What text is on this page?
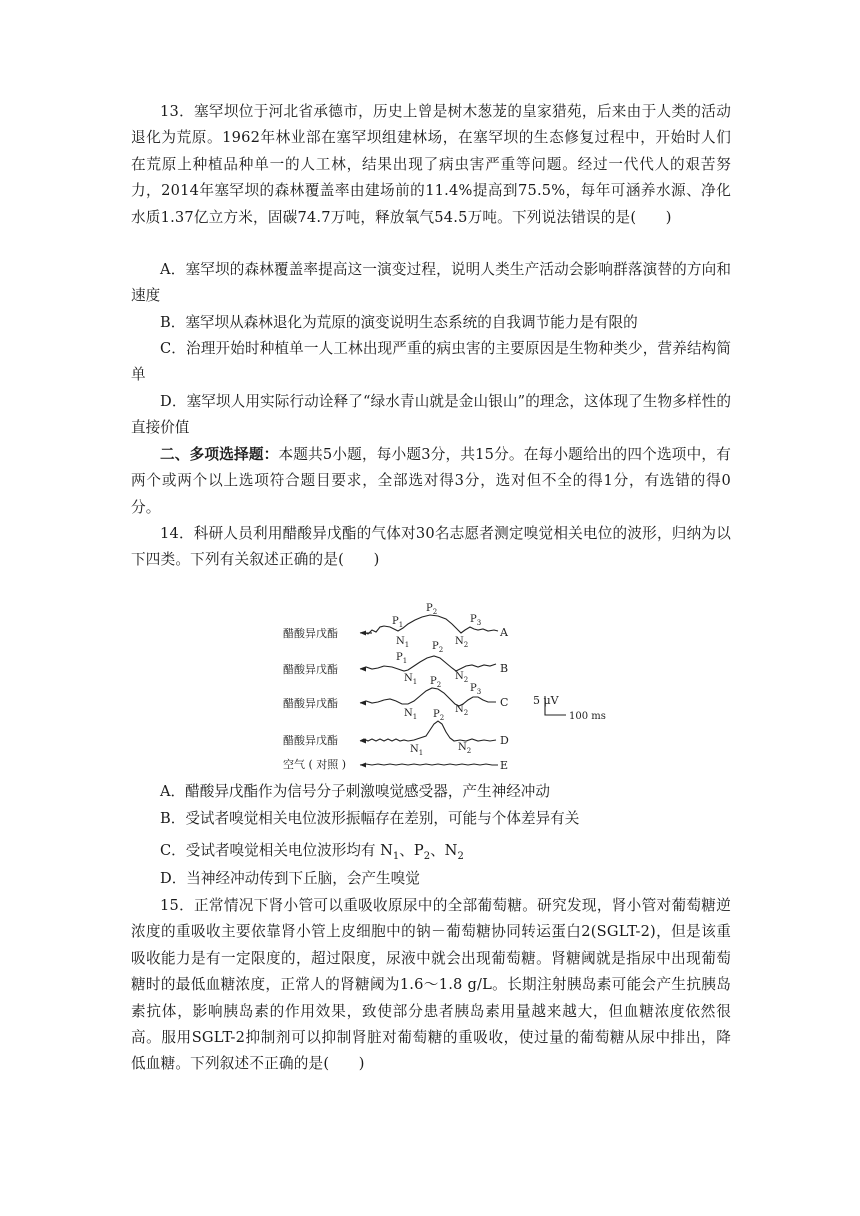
13．塞罕坝位于河北省承德市，历史上曾是树木葱茏的皇家猎苑，后来由于人类的活动退化为荒原。1962年林业部在塞罕坝组建林场，在塞罕坝的生态修复过程中，开始时人们在荒原上种植品种单一的人工林，结果出现了病虫害严重等问题。经过一代代人的艰苦努力，2014年塞罕坝的森林覆盖率由建场前的11.4%提高到75.5%，每年可涵养水源、净化水质1.37亿立方米，固碳74.7万吨，释放氧气54.5万吨。下列说法错误的是(　　)
A．塞罕坝的森林覆盖率提高这一演变过程，说明人类生产活动会影响群落演替的方向和速度
B．塞罕坝从森林退化为荒原的演变说明生态系统的自我调节能力是有限的
C．治理开始时种植单一人工林出现严重的病虫害的主要原因是生物种类少，营养结构简单
D．塞罕坝人用实际行动诠释了“绿水青山就是金山银山”的理念，这体现了生物多样性的直接价值
二、多项选择题：本题共5小题，每小题3分，共15分。在每小题给出的四个选项中，有两个或两个以上选项符合题目要求，全部选对得3分，选对但不全的得1分，有选错的得0分。
14．科研人员利用醋酸异戊酯的气体对30名志愿者测定嗅觉相关电位的波形，归纳为以下四类。下列有关叙述正确的是(　　)
醋酸异戊酯
醋酸异戊酯
醋酸异戊酯
醋酸异戊酯
空气 ( 对照 )
A
B
C
D
E
5 μV
100 ms
$P_1$
$P_2$
$P_3$
$N_1$	$N_2$
$P_1$
$P_2$
$N_1$	$N_2$
$P_2$	$P_3$
$N_1$
$N_2$
$P_2$
$N_1$	$N_2$
A．醋酸异戊酯作为信号分子刺激嗅觉感受器，产生神经冲动
B．受试者嗅觉相关电位波形振幅存在差别，可能与个体差异有关
C．受试者嗅觉相关电位波形均有 $N_1$、$P_2$、$N_2$
D．当神经冲动传到下丘脑，会产生嗅觉
15．正常情况下肾小管可以重吸收原尿中的全部葡萄糖。研究发现，肾小管对葡萄糖逆浓度的重吸收主要依靠肾小管上皮细胞中的钠－葡萄糖协同转运蛋白2(SGLT-2)，但是该重吸收能力是有一定限度的，超过限度，尿液中就会出现葡萄糖。肾糖阈就是指尿中出现葡萄糖时的最低血糖浓度，正常人的肾糖阈为1.6～1.8 g/L。长期注射胰岛素可能会产生抗胰岛素抗体，影响胰岛素的作用效果，致使部分患者胰岛素用量越来越大，但血糖浓度依然很高。服用SGLT-2抑制剂可以抑制肾脏对葡萄糖的重吸收，使过量的葡萄糖从尿中排出，降低血糖。下列叙述不正确的是(　　)
